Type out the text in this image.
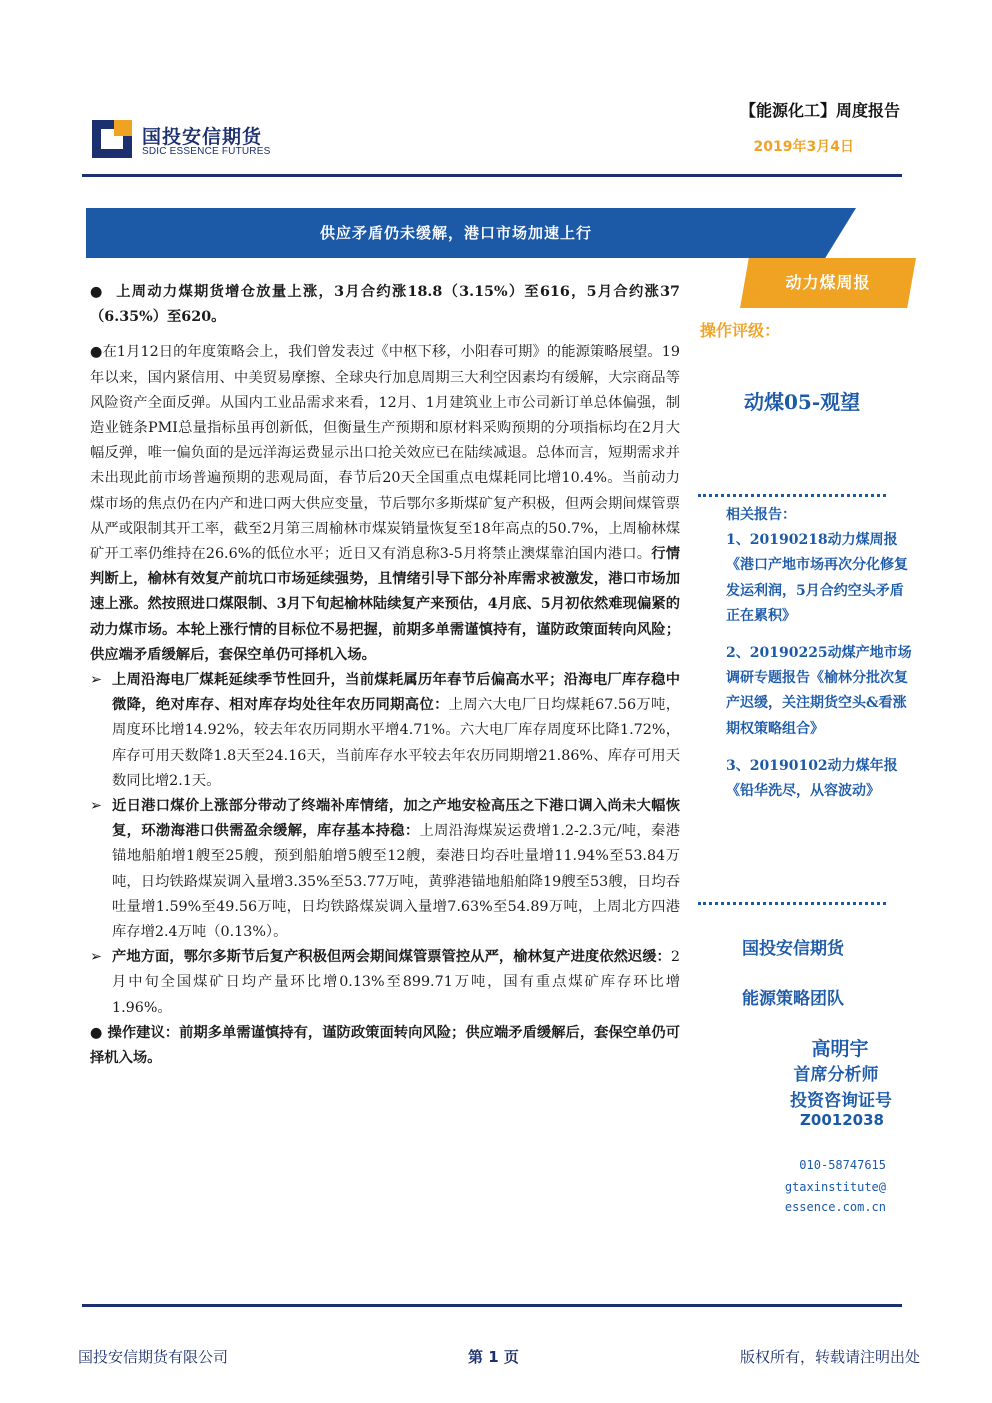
国投安信期货
SDIC ESSENCE FUTURES
【能源化工】周度报告
2019年3月4日
供应矛盾仍未缓解，港口市场加速上行
动力煤周报
操作评级：
动煤05-观望

相关报告：

1、20190218动力煤周报《港口产地市场再次分化修复发运利润，5月合约空头矛盾正在累积》

2、20190225动煤产地市场调研专题报告《榆林分批次复产迟缓，关注期货空头&看涨期权策略组合》

3、20190102动力煤年报《铅华洗尽，从容波动》

国投安信期货
能源策略团队
高明宇
首席分析师
投资咨询证号
Z0012038
010-58747615
gtaxinstitute@
essence.com.cn

● 上周动力煤期货增仓放量上涨，3月合约涨18.8（3.15%）至616，5月合约涨37（6.35%）至620。

●在1月12日的年度策略会上，我们曾发表过《中枢下移，小阳春可期》的能源策略展望。19年以来，国内紧信用、中美贸易摩擦、全球央行加息周期三大利空因素均有缓解，大宗商品等风险资产全面反弹。从国内工业品需求来看，12月、1月建筑业上市公司新订单总体偏强，制造业链条PMI总量指标虽再创新低，但衡量生产预期和原材料采购预期的分项指标均在2月大幅反弹，唯一偏负面的是远洋海运费显示出口抢关效应已在陆续减退。总体而言，短期需求并未出现此前市场普遍预期的悲观局面，春节后20天全国重点电煤耗同比增10.4%。当前动力煤市场的焦点仍在内产和进口两大供应变量，节后鄂尔多斯煤矿复产积极，但两会期间煤管票从严或限制其开工率，截至2月第三周榆林市煤炭销量恢复至18年高点的50.7%，上周榆林煤矿开工率仍维持在26.6%的低位水平；近日又有消息称3-5月将禁止澳煤靠泊国内港口。行情判断上，榆林有效复产前坑口市场延续强势，且情绪引导下部分补库需求被激发，港口市场加速上涨。然按照进口煤限制、3月下旬起榆林陆续复产来预估，4月底、5月初依然难现偏紧的动力煤市场。本轮上涨行情的目标位不易把握，前期多单需谨慎持有，谨防政策面转向风险；供应端矛盾缓解后，套保空单仍可择机入场。

➢ 上周沿海电厂煤耗延续季节性回升，当前煤耗属历年春节后偏高水平；沿海电厂库存稳中微降，绝对库存、相对库存均处往年农历同期高位：上周六大电厂日均煤耗67.56万吨，周度环比增14.92%，较去年农历同期水平增4.71%。六大电厂库存周度环比降1.72%，库存可用天数降1.8天至24.16天，当前库存水平较去年农历同期增21.86%、库存可用天数同比增2.1天。

➢ 近日港口煤价上涨部分带动了终端补库情绪，加之产地安检高压之下港口调入尚未大幅恢复，环渤海港口供需盈余缓解，库存基本持稳：上周沿海煤炭运费增1.2-2.3元/吨，秦港锚地船舶增1艘至25艘，预到船舶增5艘至12艘，秦港日均吞吐量增11.94%至53.84万吨，日均铁路煤炭调入量增3.35%至53.77万吨，黄骅港锚地船舶降19艘至53艘，日均吞吐量增1.59%至49.56万吨，日均铁路煤炭调入量增7.63%至54.89万吨，上周北方四港库存增2.4万吨（0.13%）。

➢ 产地方面，鄂尔多斯节后复产积极但两会期间煤管票管控从严，榆林复产进度依然迟缓：2月中旬全国煤矿日均产量环比增0.13%至899.71万吨，国有重点煤矿库存环比增1.96%。

● 操作建议：前期多单需谨慎持有，谨防政策面转向风险；供应端矛盾缓解后，套保空单仍可择机入场。

国投安信期货有限公司	第 1 页	版权所有，转载请注明出处
